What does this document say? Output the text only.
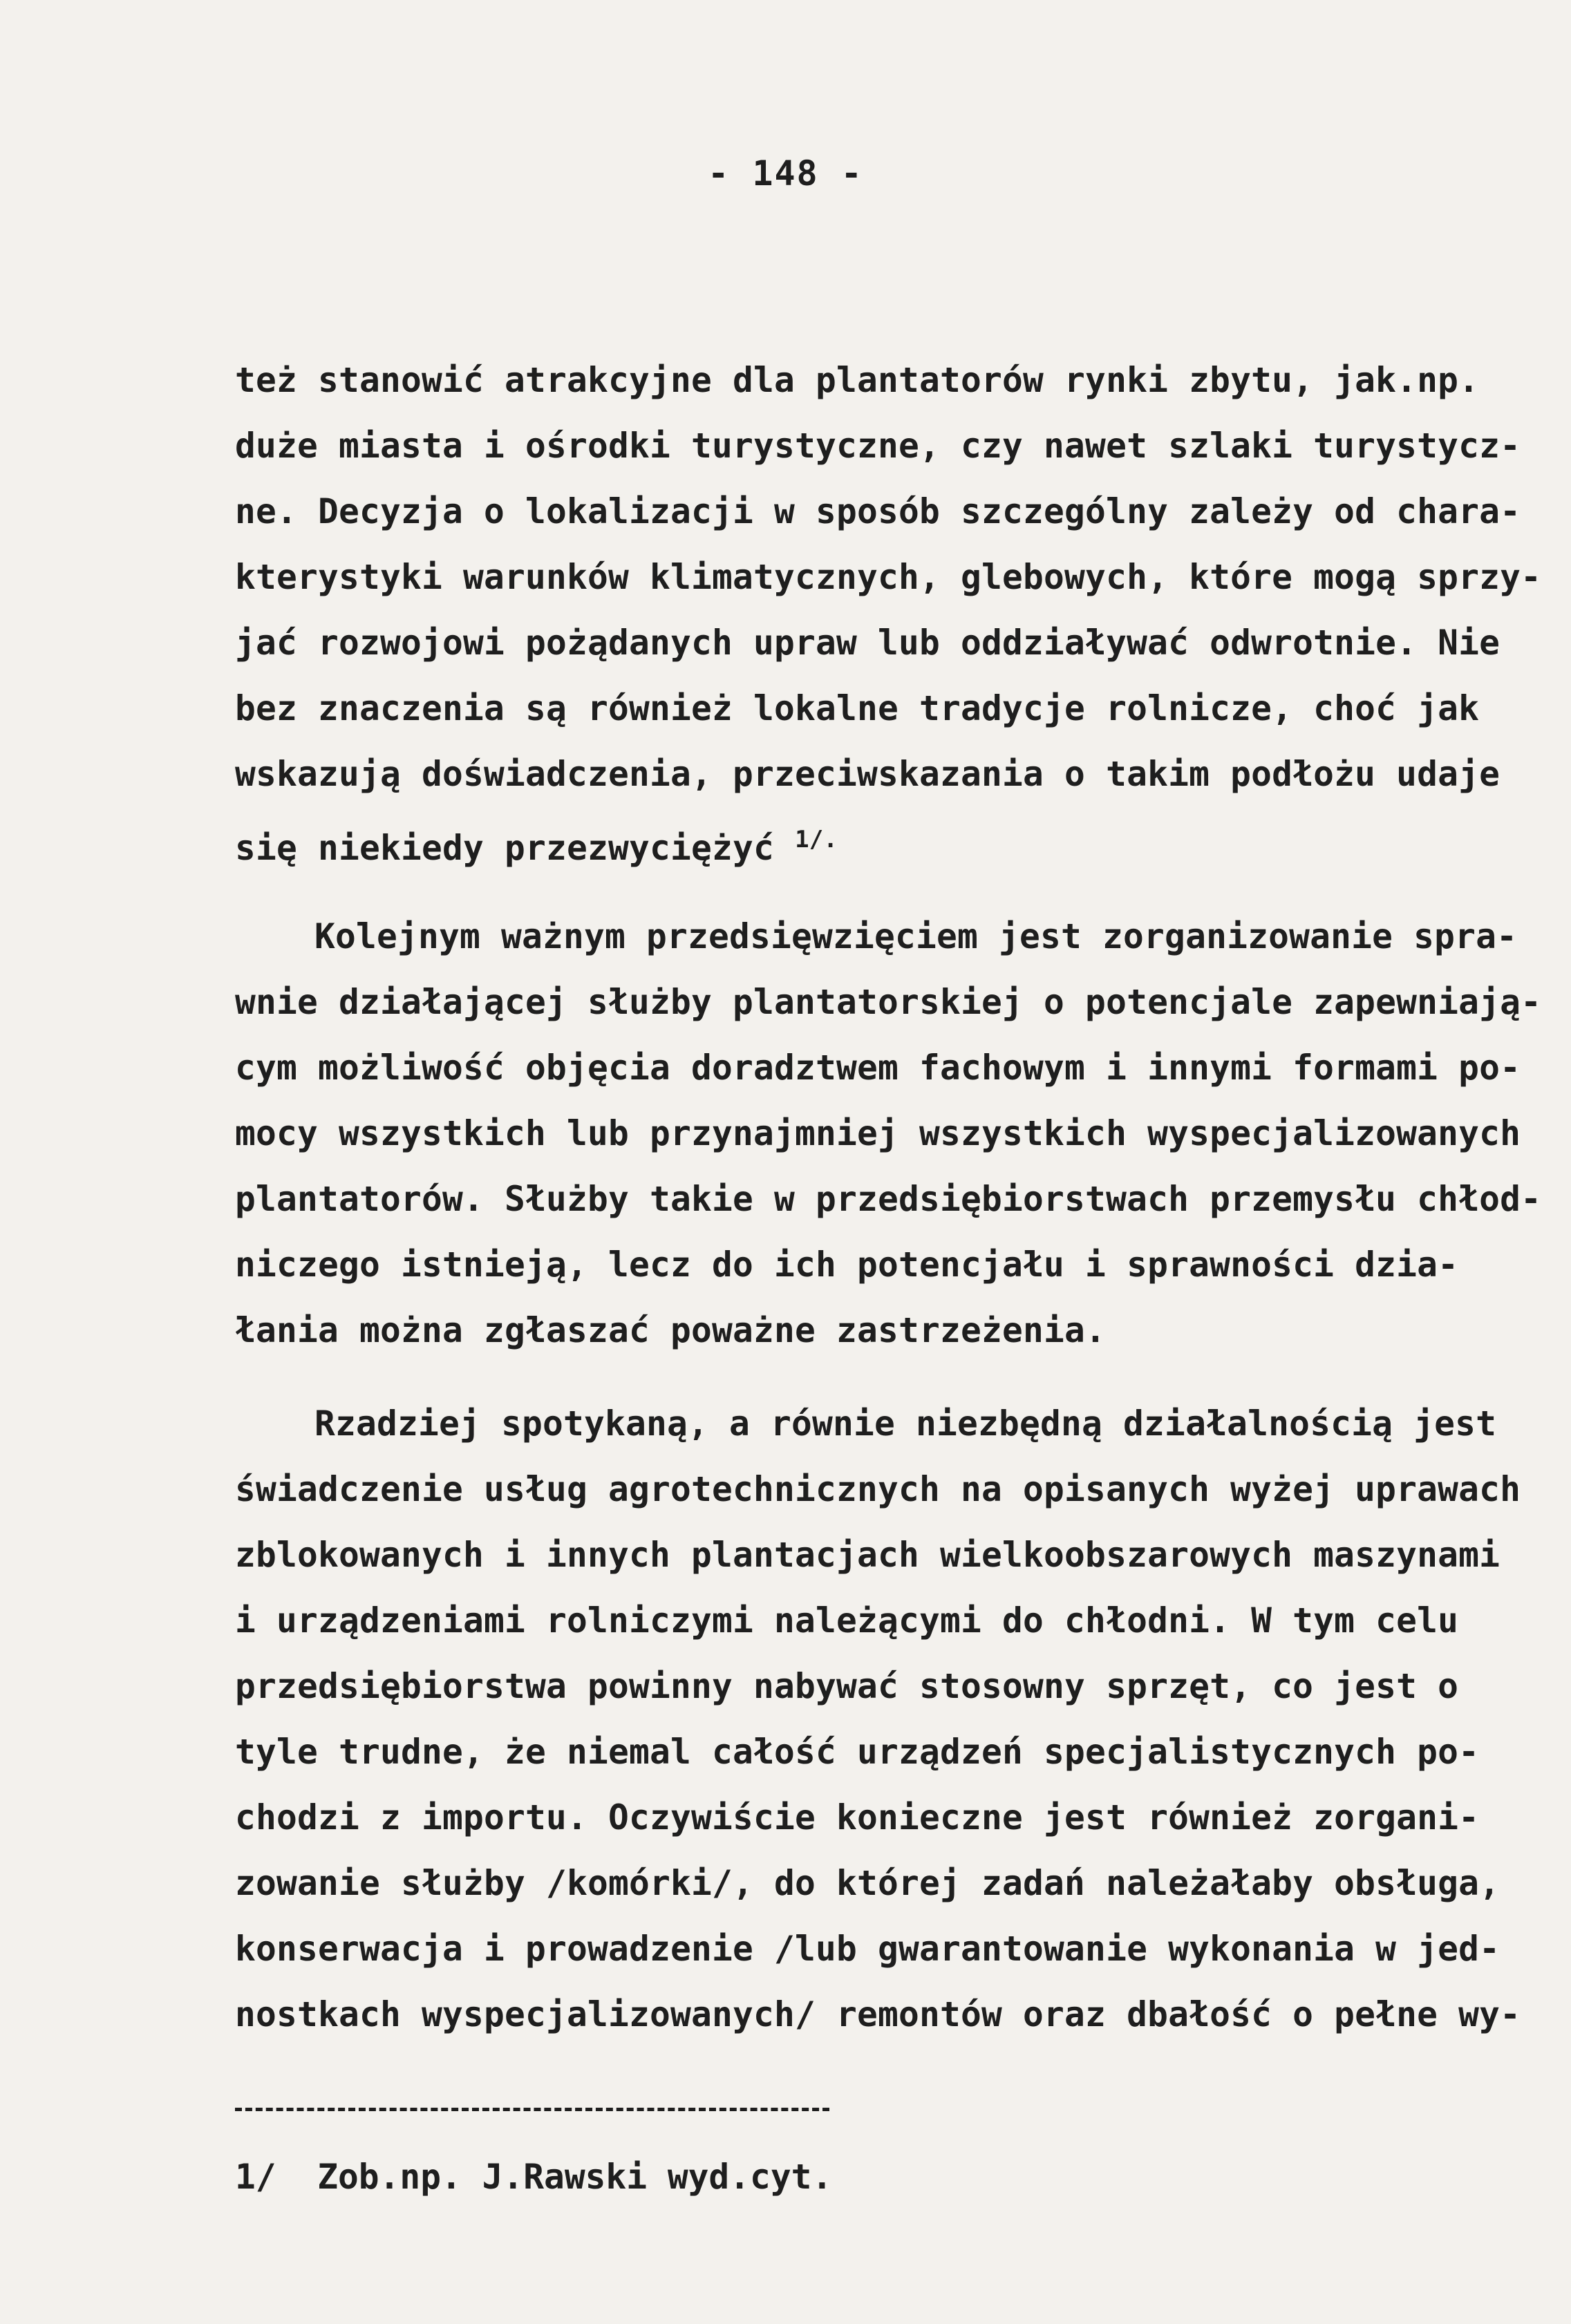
- 148 -
też stanowić atrakcyjne dla plantatorów rynki zbytu, jak.np.
duże miasta i ośrodki turystyczne, czy nawet szlaki turystycz-
ne. Decyzja o lokalizacji w sposób szczególny zależy od chara-
kterystyki warunków klimatycznych, glebowych, które mogą sprzy-
jać rozwojowi pożądanych upraw lub oddziaływać odwrotnie. Nie
bez znaczenia są również lokalne tradycje rolnicze, choć jak
wskazują doświadczenia, przeciwskazania o takim podłożu udaje
się niekiedy przezwyciężyć $^{1/.}$
Kolejnym ważnym przedsięwzięciem jest zorganizowanie spra-
wnie działającej służby plantatorskiej o potencjale zapewniają-
cym możliwość objęcia doradztwem fachowym i innymi formami po-
mocy wszystkich lub przynajmniej wszystkich wyspecjalizowanych
plantatorów. Służby takie w przedsiębiorstwach przemysłu chłod-
niczego istnieją, lecz do ich potencjału i sprawności dzia-
łania można zgłaszać poważne zastrzeżenia.
Rzadziej spotykaną, a równie niezbędną działalnością jest
świadczenie usług agrotechnicznych na opisanych wyżej uprawach
zblokowanych i innych plantacjach wielkoobszarowych maszynami
i urządzeniami rolniczymi należącymi do chłodni. W tym celu
przedsiębiorstwa powinny nabywać stosowny sprzęt, co jest o
tyle trudne, że niemal całość urządzeń specjalistycznych po-
chodzi z importu. Oczywiście konieczne jest również zorgani-
zowanie służby /komórki/, do której zadań należałaby obsługa,
konserwacja i prowadzenie /lub gwarantowanie wykonania w jed-
nostkach wyspecjalizowanych/ remontów oraz dbałość o pełne wy-
1/  Zob.np. J.Rawski wyd.cyt.
